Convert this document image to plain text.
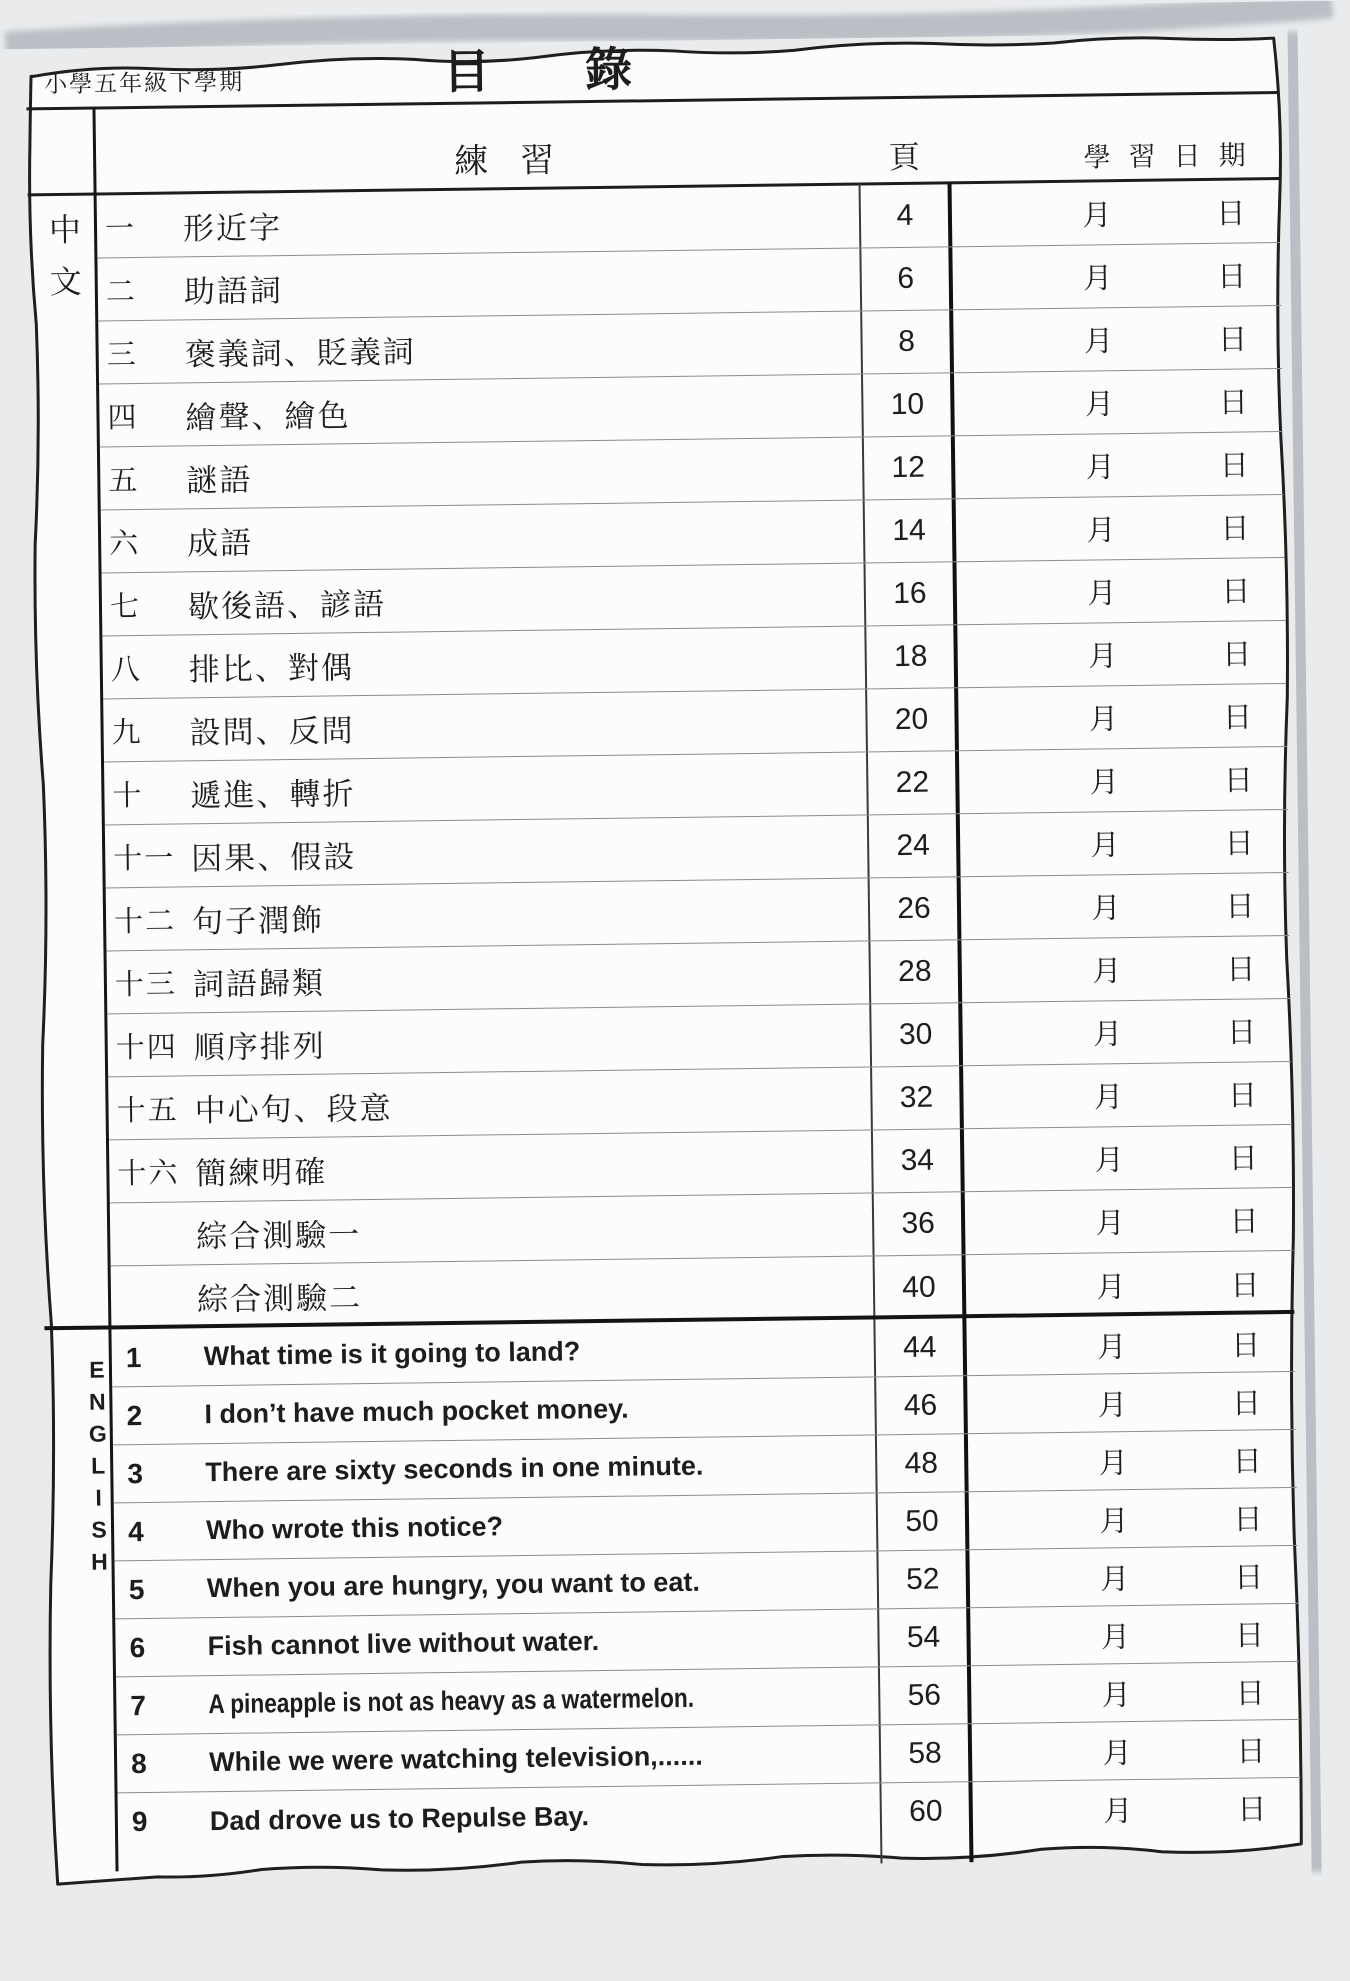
小學五年級下學期	目　錄
練習	頁	學習日期
中
文
E
N
G
L
I
S
H
一	形近字	4	月	日
二	助語詞	6	月	日
三	褒義詞、貶義詞	8	月	日
四	繪聲、繪色	10	月	日
五	謎語	12	月	日
六	成語	14	月	日
七	歇後語、諺語	16	月	日
八	排比、對偶	18	月	日
九	設問、反問	20	月	日
十	遞進、轉折	22	月	日
十一 因果、假設	24	月	日
十二 句子潤飾	26	月	日
十三 詞語歸類	28	月	日
十四 順序排列	30	月	日
十五 中心句、段意	32	月	日
十六 簡練明確	34	月	日
綜合測驗一	36	月	日
綜合測驗二	40	月	日
1	What time is it going to land?	44	月	日
2	I don’t have much pocket money.	46	月	日
3	There are sixty seconds in one minute.	48	月	日
4	Who wrote this notice?	50	月	日
5	When you are hungry, you want to eat.	52	月	日
6	Fish cannot live without water.	54	月	日
7	A pineapple is not as heavy as a watermelon.	56	月	日
8	While we were watching television,......	58	月	日
9	Dad drove us to Repulse Bay.	60	月	日
